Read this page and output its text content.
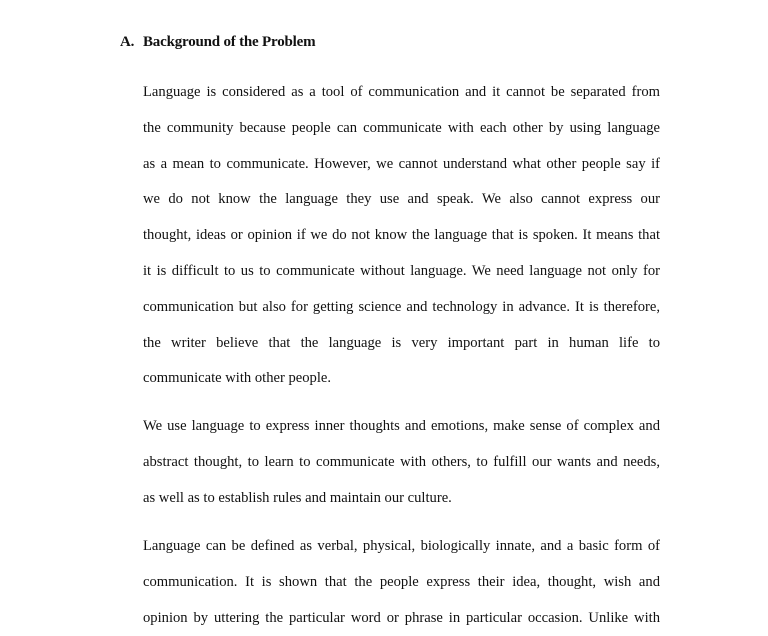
A. Background of the Problem
Language is considered as a tool of communication and it cannot be separated from
the community because people can communicate with each other by using language
as a mean to communicate. However, we cannot understand what other people say if
we do not know the language they use and speak. We also cannot express our
thought, ideas or opinion if we do not know the language that is spoken. It means that
it is difficult to us to communicate without language. We need language not only for
communication but also for getting science and technology in advance. It is therefore,
the writer believe that the language is very important part in human life to
communicate with other people.
We use language to express inner thoughts and emotions, make sense of complex and
abstract thought, to learn to communicate with others, to fulfill our wants and needs,
as well as to establish rules and maintain our culture.
Language can be defined as verbal, physical, biologically innate, and a basic form of
communication. It is shown that the people express their idea, thought, wish and
opinion by uttering the particular word or phrase in particular occasion. Unlike with
